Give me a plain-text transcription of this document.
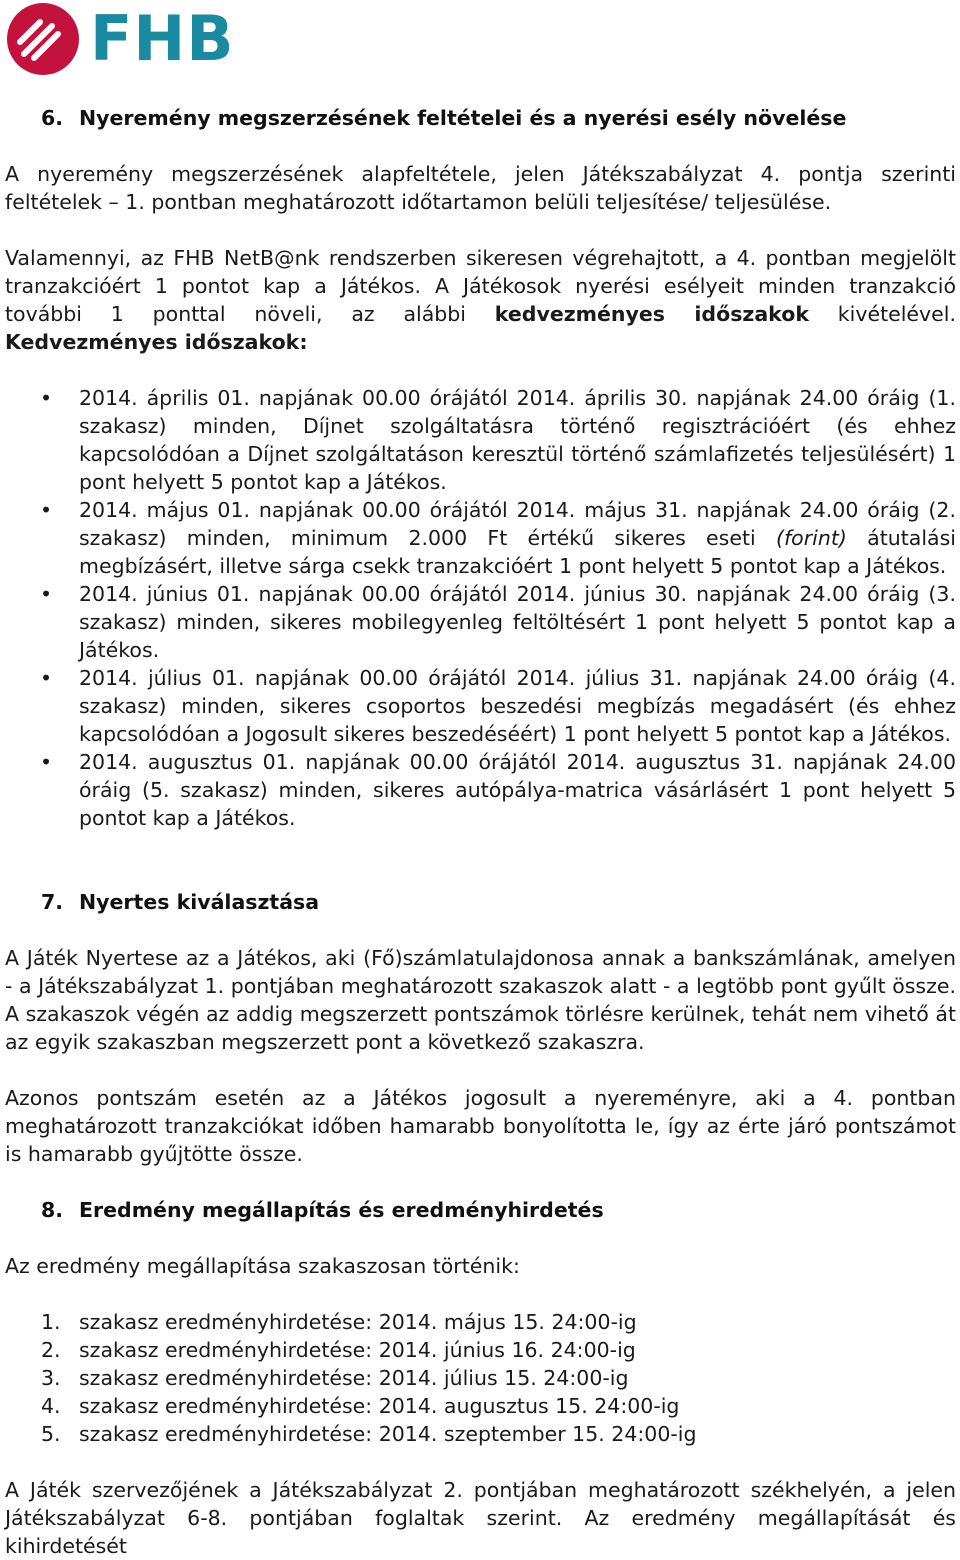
FHB
6. Nyeremény megszerzésének feltételei és a nyerési esély növelése

A nyeremény megszerzésének alapfeltétele, jelen Játékszabályzat 4. pontja szerinti feltételek – 1. pontban meghatározott időtartamon belüli teljesítése/ teljesülése.

Valamennyi, az FHB NetB@nk rendszerben sikeresen végrehajtott, a 4. pontban megjelölt tranzakcióért 1 pontot kap a Játékos. A Játékosok nyerési esélyeit minden tranzakció további 1 ponttal növeli, az alábbi kedvezményes időszakok kivételével. Kedvezményes időszakok:

• 2014. április 01. napjának 00.00 órájától 2014. április 30. napjának 24.00 óráig (1. szakasz) minden, Díjnet szolgáltatásra történő regisztrációért (és ehhez kapcsolódóan a Díjnet szolgáltatáson keresztül történő számlafizetés teljesülésért) 1 pont helyett 5 pontot kap a Játékos.
• 2014. május 01. napjának 00.00 órájától 2014. május 31. napjának 24.00 óráig (2. szakasz) minden, minimum 2.000 Ft értékű sikeres eseti (forint) átutalási megbízásért, illetve sárga csekk tranzakcióért 1 pont helyett 5 pontot kap a Játékos.
• 2014. június 01. napjának 00.00 órájától 2014. június 30. napjának 24.00 óráig (3. szakasz) minden, sikeres mobilegyenleg feltöltésért 1 pont helyett 5 pontot kap a Játékos.
• 2014. július 01. napjának 00.00 órájától 2014. július 31. napjának 24.00 óráig (4. szakasz) minden, sikeres csoportos beszedési megbízás megadásért (és ehhez kapcsolódóan a Jogosult sikeres beszedéséért) 1 pont helyett 5 pontot kap a Játékos.
• 2014. augusztus 01. napjának 00.00 órájától 2014. augusztus 31. napjának 24.00 óráig (5. szakasz) minden, sikeres autópálya-matrica vásárlásért 1 pont helyett 5 pontot kap a Játékos.
7. Nyertes kiválasztása

A Játék Nyertese az a Játékos, aki (Fő)számlatulajdonosa annak a bankszámlának, amelyen - a Játékszabályzat 1. pontjában meghatározott szakaszok alatt - a legtöbb pont gyűlt össze. A szakaszok végén az addig megszerzett pontszámok törlésre kerülnek, tehát nem vihető át az egyik szakaszban megszerzett pont a következő szakaszra.

Azonos pontszám esetén az a Játékos jogosult a nyereményre, aki a 4. pontban meghatározott tranzakciókat időben hamarabb bonyolította le, így az érte járó pontszámot is hamarabb gyűjtötte össze.

8. Eredmény megállapítás és eredményhirdetés

Az eredmény megállapítása szakaszosan történik:

1. szakasz eredményhirdetése: 2014. május 15. 24:00-ig
2. szakasz eredményhirdetése: 2014. június 16. 24:00-ig
3. szakasz eredményhirdetése: 2014. július 15. 24:00-ig
4. szakasz eredményhirdetése: 2014. augusztus 15. 24:00-ig
5. szakasz eredményhirdetése: 2014. szeptember 15. 24:00-ig

A Játék szervezőjének a Játékszabályzat 2. pontjában meghatározott székhelyén, a jelen Játékszabályzat 6-8. pontjában foglaltak szerint. Az eredmény megállapítását és kihirdetését
